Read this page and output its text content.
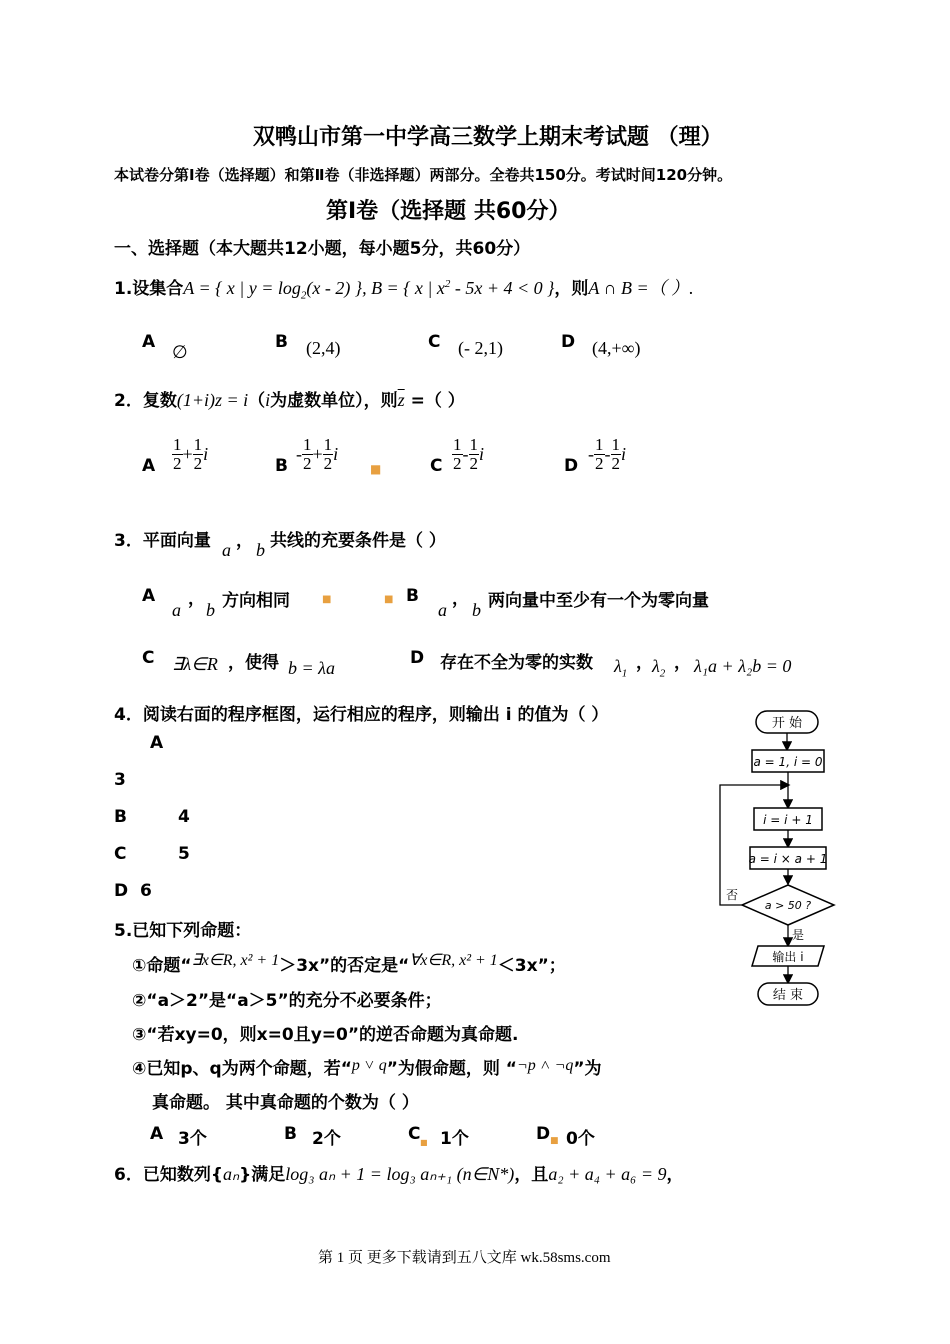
双鸭山市第一中学高三数学上期末考试题 （理）
本试卷分第Ⅰ卷（选择题）和第Ⅱ卷（非选择题）两部分。全卷共150分。考试时间120分钟。
第Ⅰ卷（选择题 共60分）
一、选择题（本大题共12小题，每小题5分，共60分）
1.设集合A = { x | $y = \log_2(x - 2)$ }, B = { x | $x^2 - 5x + 4 < 0$ }，则A ∩ B =（ ）.
A ∅	B (2,4)	C (- 2,1)	D (4,+∞)
2．复数(1+i)z = i（i为虚数单位），则$\overline{z}$ =（ ）
A $\frac{1}{2} + \frac{1}{2}$ i
B
- $\frac{1}{2} + \frac{1}{2}$ i
■	C $\frac{1}{2} - \frac{1}{2}$ i
D
- $\frac{1}{2} - \frac{1}{2}$ i
3．平面向量 a ， b 共线的充要条件是（ ）
A
a
，
b 方向相同	■	■ B
a
，
b 两向量中至少有一个为零向量
C ∃λ∈R ，使得 b = λa	D 存在不全为零的实数 $\lambda_1$
， $\lambda_2$
， λ₁a + λ₂b = 0
4．阅读右面的程序框图，运行相应的程序，则输出 i 的值为（ ）
A
3
B	4
C	5
D 6
开 始
a = 1, i = 0
i = i + 1
a = i × a + 1
a > 50 ?
否
是
输出 i
结 束
5.已知下列命题：
①命题“∃x∈R, x² + 1＞3x”的否定是“∀x∈R, x² + 1＜3x”；
②“a＞2”是“a＞5”的充分不必要条件；
③“若xy=0，则x=0且y=0”的逆否命题为真命题.
④已知p、q为两个命题，若“p ˅ q”为假命题，则 “¬p ˄ ¬q”为
真命题。 其中真命题的个数为（ ）
A 3个	B 2个	C ■ 1个	D ■ 0个
6．已知数列{aₙ}满足log₃ aₙ + 1 = log₃ aₙ₊₁ (n∈N*)，且a₂ + a₄ + a₆ = 9，
第 1 页 更多下载请到五八文库 wk.58sms.com
